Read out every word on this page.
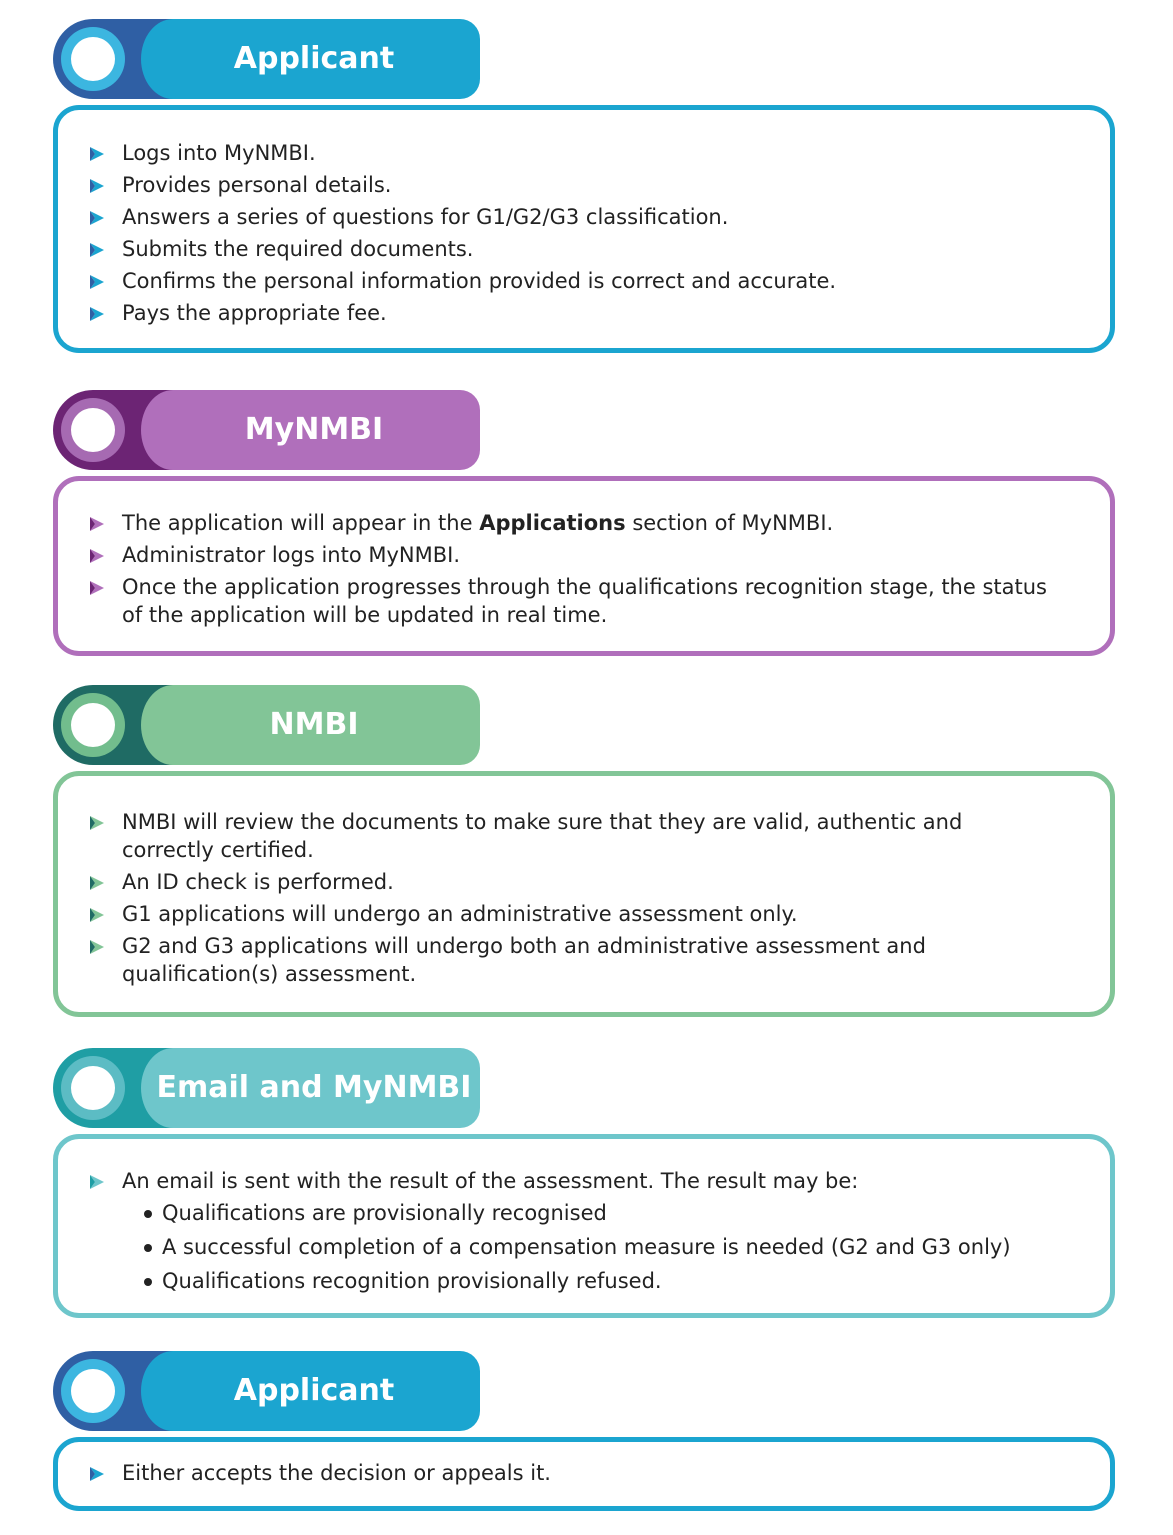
Applicant
Logs into MyNMBI.
Provides personal details.
Answers a series of questions for G1/G2/G3 classification.
Submits the required documents.
Confirms the personal information provided is correct and accurate.
Pays the appropriate fee.
MyNMBI
The application will appear in the Applications section of MyNMBI.
Administrator logs into MyNMBI.
Once the application progresses through the qualifications recognition stage, the status of the application will be updated in real time.
NMBI
NMBI will review the documents to make sure that they are valid, authentic and correctly certified.
An ID check is performed.
G1 applications will undergo an administrative assessment only.
G2 and G3 applications will undergo both an administrative assessment and qualification(s) assessment.
Email and MyNMBI
An email is sent with the result of the assessment. The result may be:
Qualifications are provisionally recognised
A successful completion of a compensation measure is needed (G2 and G3 only)
Qualifications recognition provisionally refused.
Applicant
Either accepts the decision or appeals it.
